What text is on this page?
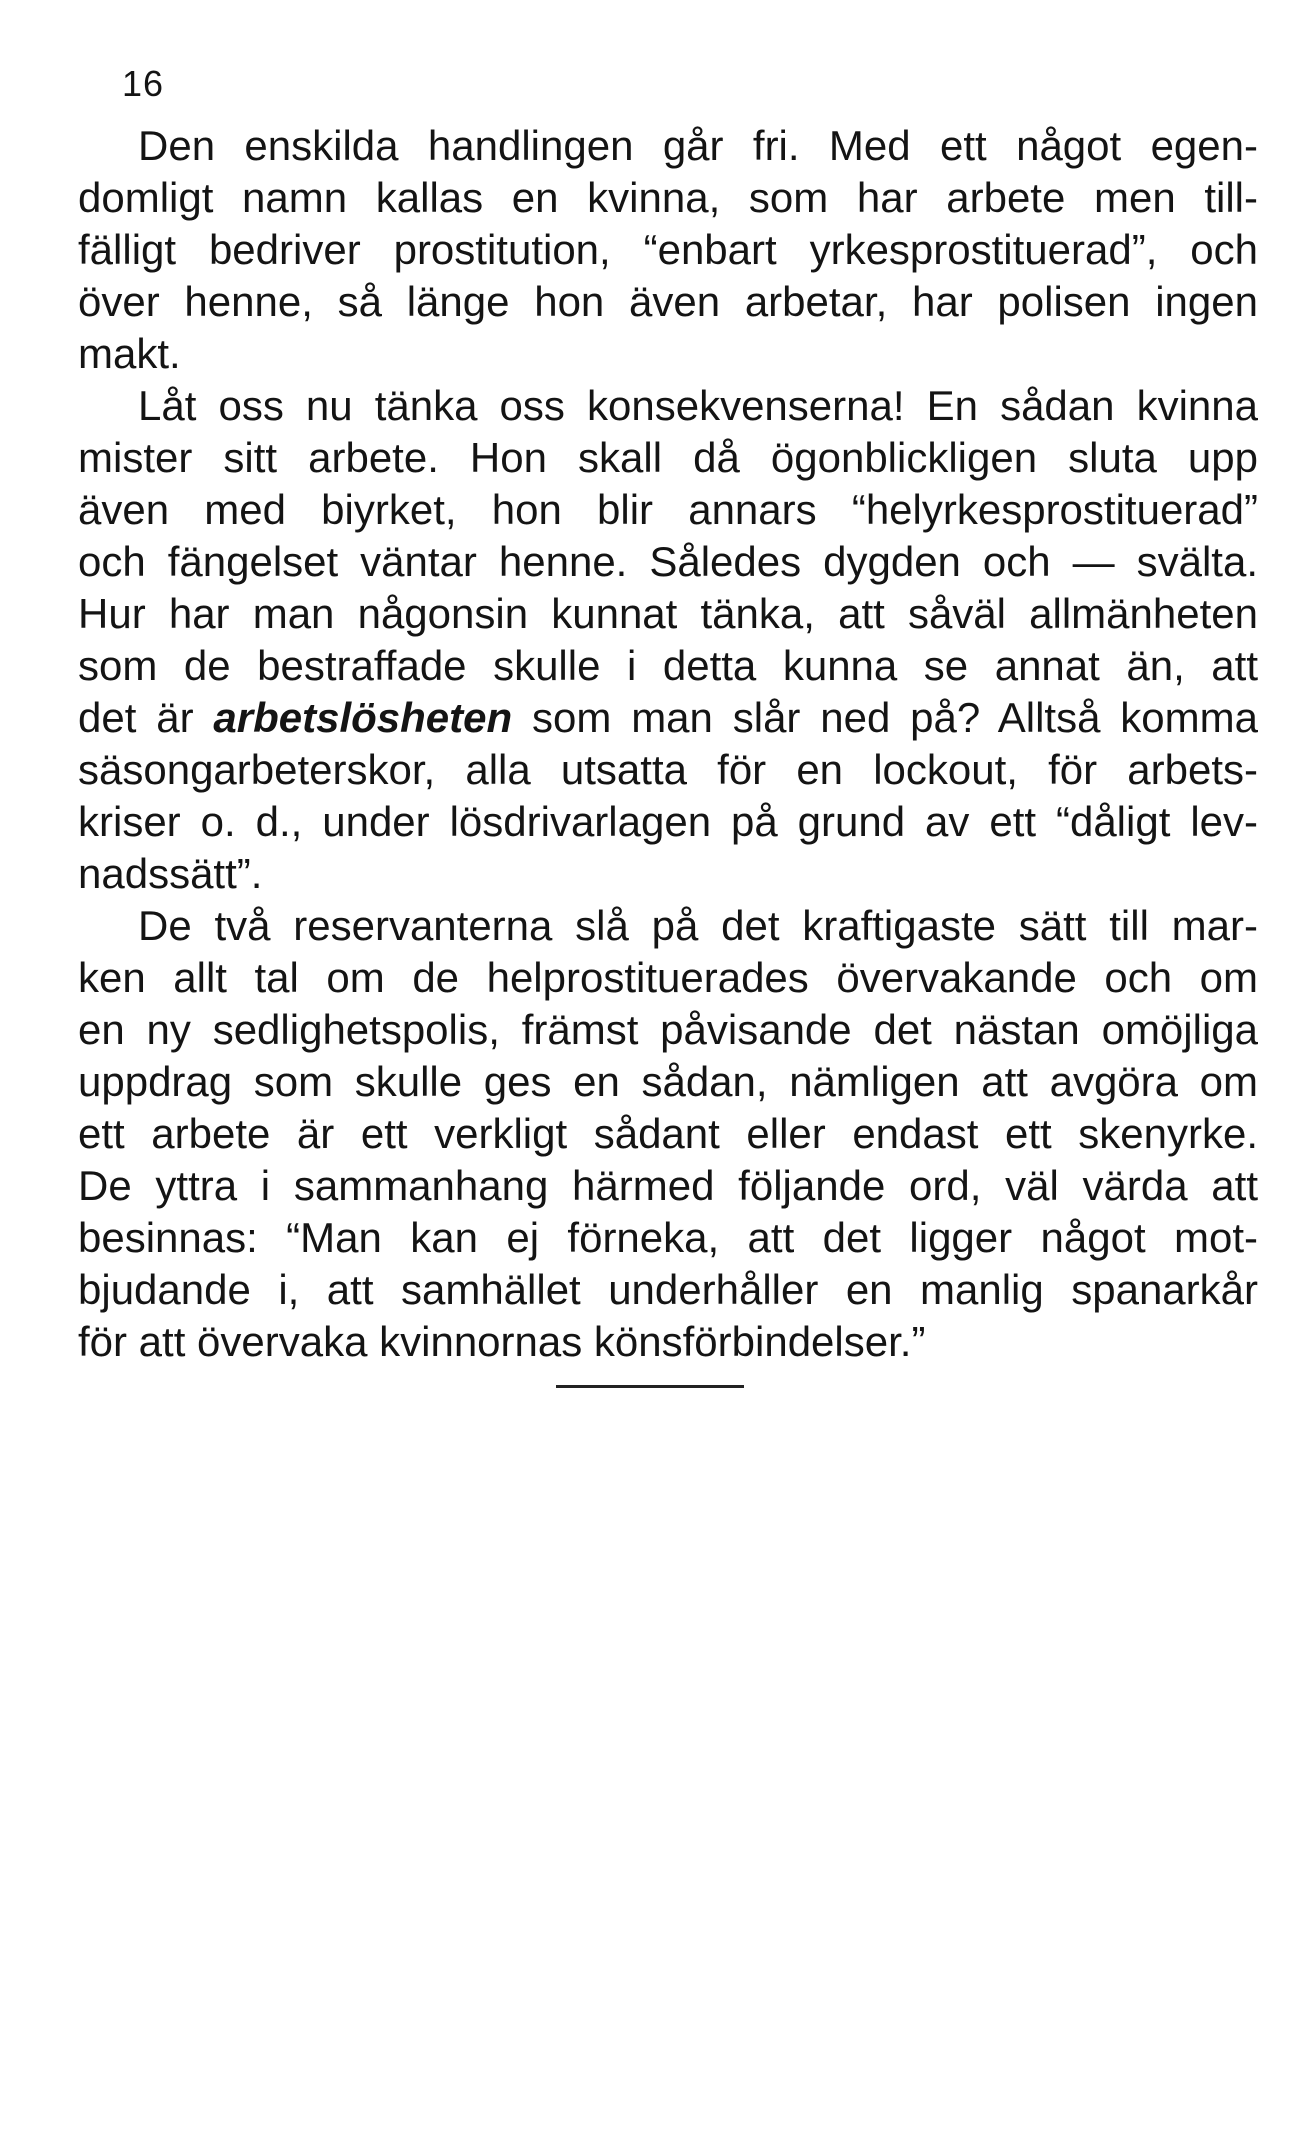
16
Den enskilda handlingen går fri. Med ett något egen-
domligt namn kallas en kvinna, som har arbete men till-
fälligt bedriver prostitution, “enbart yrkesprostituerad”, och
över henne, så länge hon även arbetar, har polisen ingen
makt.
Låt oss nu tänka oss konsekvenserna! En sådan kvinna
mister sitt arbete. Hon skall då ögonblickligen sluta upp
även med biyrket, hon blir annars “helyrkesprostituerad”
och fängelset väntar henne. Således dygden och — svälta.
Hur har man någonsin kunnat tänka, att såväl allmänheten
som de bestraffade skulle i detta kunna se annat än, att
det är arbetslösheten som man slår ned på? Alltså komma
säsongarbeterskor, alla utsatta för en lockout, för arbets-
kriser o. d., under lösdrivarlagen på grund av ett “dåligt lev-
nadssätt”.
De två reservanterna slå på det kraftigaste sätt till mar-
ken allt tal om de helprostituerades övervakande och om
en ny sedlighetspolis, främst påvisande det nästan omöjliga
uppdrag som skulle ges en sådan, nämligen att avgöra om
ett arbete är ett verkligt sådant eller endast ett skenyrke.
De yttra i sammanhang härmed följande ord, väl värda att
besinnas: “Man kan ej förneka, att det ligger något mot-
bjudande i, att samhället underhåller en manlig spanarkår
för att övervaka kvinnornas könsförbindelser.”
